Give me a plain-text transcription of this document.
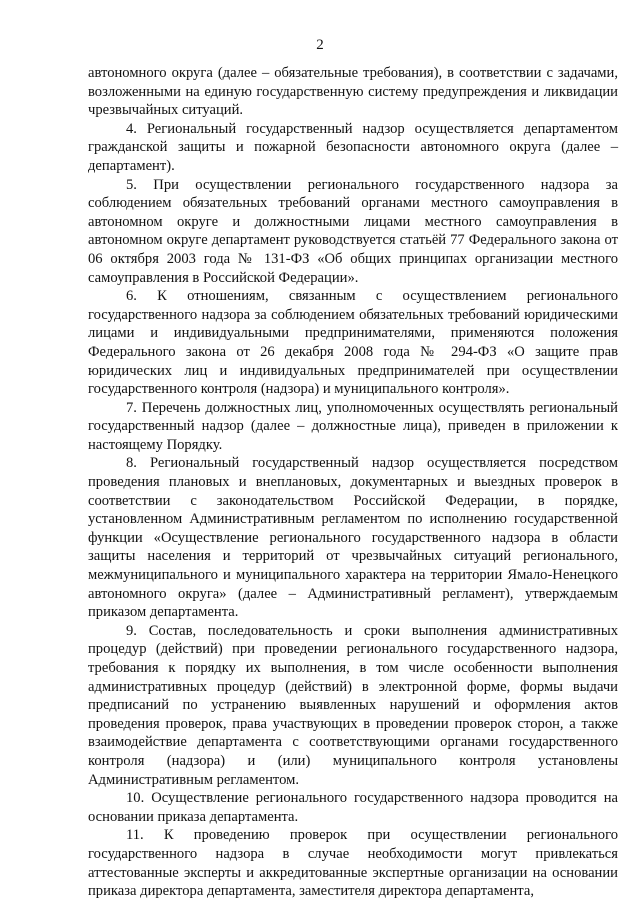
2

автономного округа (далее – обязательные требования), в соответствии с задачами, возложенными на единую государственную систему предупреждения и ликвидации чрезвычайных ситуаций.

4. Региональный государственный надзор осуществляется департаментом гражданской защиты и пожарной безопасности автономного округа (далее – департамент).

5. При осуществлении регионального государственного надзора за соблюдением обязательных требований органами местного самоуправления в автономном округе и должностными лицами местного самоуправления в автономном округе департамент руководствуется статьёй 77 Федерального закона от 06 октября 2003 года № 131-ФЗ «Об общих принципах организации местного самоуправления в Российской Федерации».

6. К отношениям, связанным с осуществлением регионального государственного надзора за соблюдением обязательных требований юридическими лицами и индивидуальными предпринимателями, применяются положения Федерального закона от 26 декабря 2008 года № 294-ФЗ «О защите прав юридических лиц и индивидуальных предпринимателей при осуществлении государственного контроля (надзора) и муниципального контроля».

7. Перечень должностных лиц, уполномоченных осуществлять региональный государственный надзор (далее – должностные лица), приведен в приложении к настоящему Порядку.

8. Региональный государственный надзор осуществляется посредством проведения плановых и внеплановых, документарных и выездных проверок в соответствии с законодательством Российской Федерации, в порядке, установленном Административным регламентом по исполнению государственной функции «Осуществление регионального государственного надзора в области защиты населения и территорий от чрезвычайных ситуаций регионального, межмуниципального и муниципального характера на территории Ямало-Ненецкого автономного округа» (далее – Административный регламент), утверждаемым приказом департамента.

9. Состав, последовательность и сроки выполнения административных процедур (действий) при проведении регионального государственного надзора, требования к порядку их выполнения, в том числе особенности выполнения административных процедур (действий) в электронной форме, формы выдачи предписаний по устранению выявленных нарушений и оформления актов проведения проверок, права участвующих в проведении проверок сторон, а также взаимодействие департамента с соответствующими органами государственного контроля (надзора) и (или) муниципального контроля установлены Административным регламентом.

10. Осуществление регионального государственного надзора проводится на основании приказа департамента.

11. К проведению проверок при осуществлении регионального государственного надзора в случае необходимости могут привлекаться аттестованные эксперты и аккредитованные экспертные организации на основании приказа директора департамента, заместителя директора департамента,
